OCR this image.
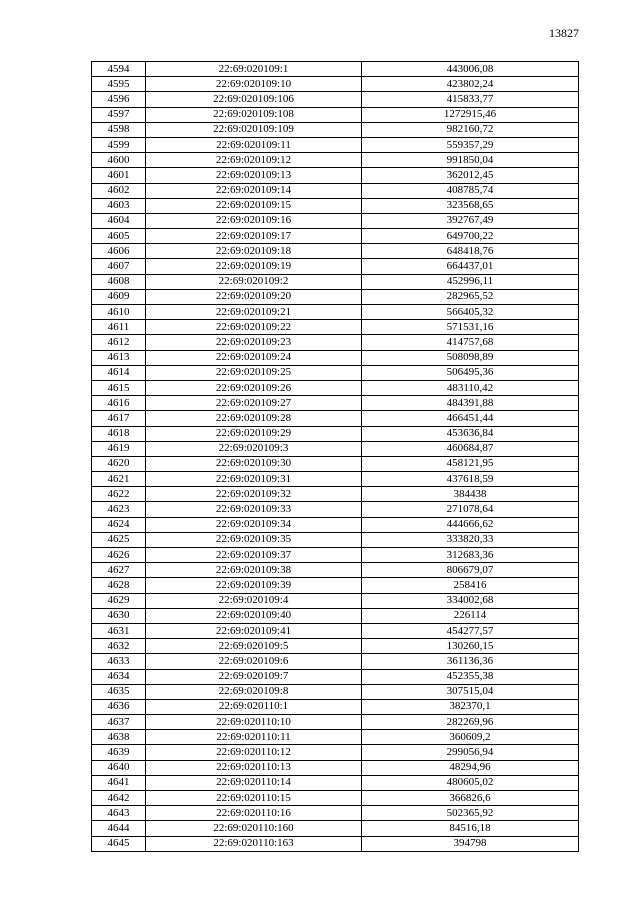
13827
4594	22:69:020109:1	443006,08
4595	22:69:020109:10	423802,24
4596	22:69:020109:106	415833,77
4597	22:69:020109:108	1272915,46
4598	22:69:020109:109	982160,72
4599	22:69:020109:11	559357,29
4600	22:69:020109:12	991850,04
4601	22:69:020109:13	362012,45
4602	22:69:020109:14	408785,74
4603	22:69:020109:15	323568,65
4604	22:69:020109:16	392767,49
4605	22:69:020109:17	649700,22
4606	22:69:020109:18	648418,76
4607	22:69:020109:19	664437,01
4608	22:69:020109:2	452996,11
4609	22:69:020109:20	282965,52
4610	22:69:020109:21	566405,32
4611	22:69:020109:22	571531,16
4612	22:69:020109:23	414757,68
4613	22:69:020109:24	508098,89
4614	22:69:020109:25	506495,36
4615	22:69:020109:26	483110,42
4616	22:69:020109:27	484391,88
4617	22:69:020109:28	466451,44
4618	22:69:020109:29	453636,84
4619	22:69:020109:3	460684,87
4620	22:69:020109:30	458121,95
4621	22:69:020109:31	437618,59
4622	22:69:020109:32	384438
4623	22:69:020109:33	271078,64
4624	22:69:020109:34	444666,62
4625	22:69:020109:35	333820,33
4626	22:69:020109:37	312683,36
4627	22:69:020109:38	806679,07
4628	22:69:020109:39	258416
4629	22:69:020109:4	334002,68
4630	22:69:020109:40	226114
4631	22:69:020109:41	454277,57
4632	22:69:020109:5	130260,15
4633	22:69:020109:6	361136,36
4634	22:69:020109:7	452355,38
4635	22:69:020109:8	307515,04
4636	22:69:020110:1	382370,1
4637	22:69:020110:10	282269,96
4638	22:69:020110:11	360609,2
4639	22:69:020110:12	299056,94
4640	22:69:020110:13	48294,96
4641	22:69:020110:14	480605,02
4642	22:69:020110:15	366826,6
4643	22:69:020110:16	502365,92
4644	22:69:020110:160	84516,18
4645	22:69:020110:163	394798
